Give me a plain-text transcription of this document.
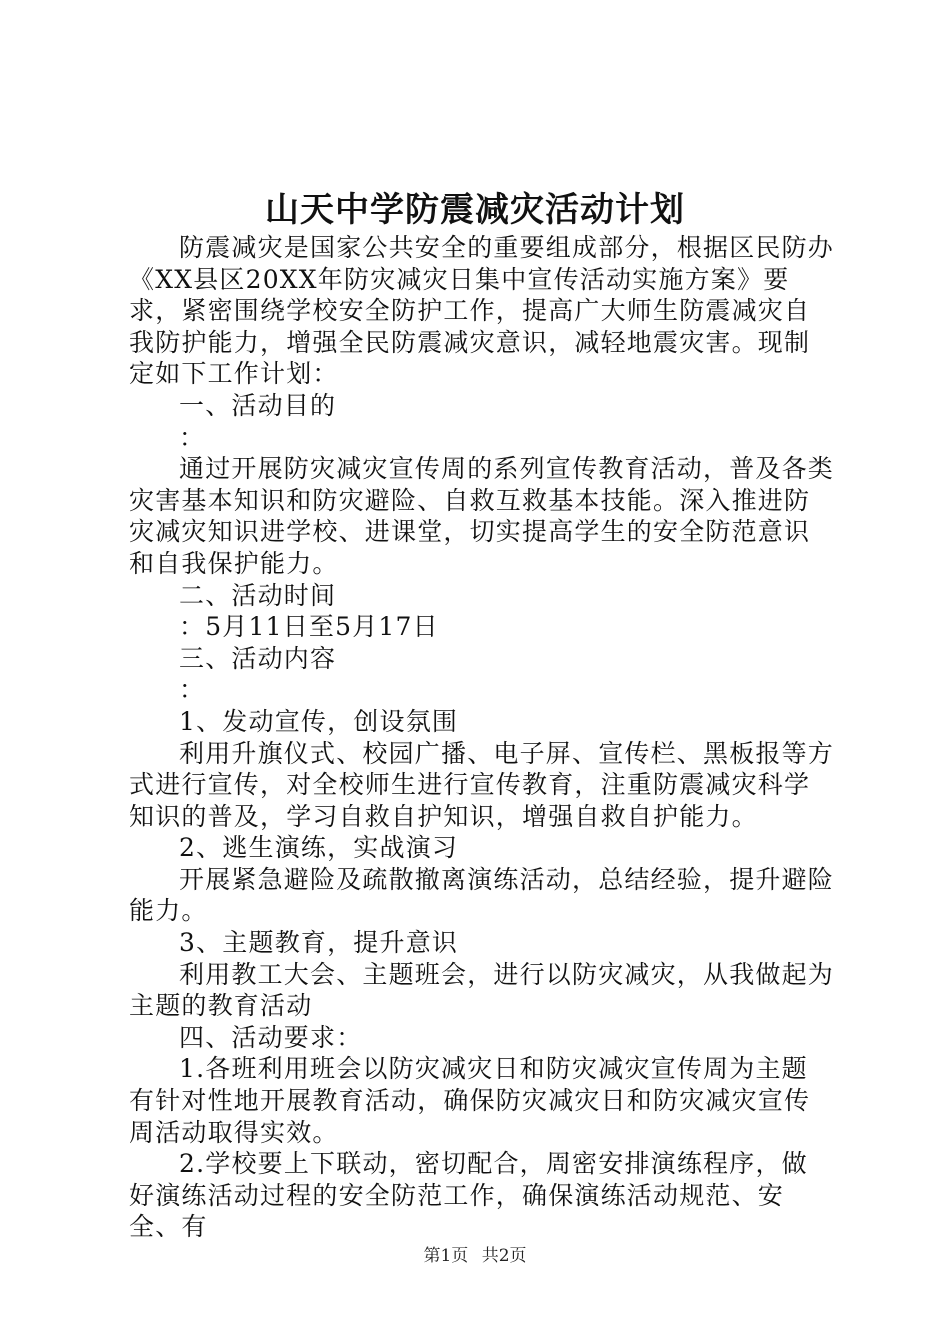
山天中学防震减灾活动计划

防震减灾是国家公共安全的重要组成部分，根据区民防办《XX县区20XX年防灾减灾日集中宣传活动实施方案》要求，紧密围绕学校安全防护工作，提高广大师生防震减灾自我防护能力，增强全民防震减灾意识，减轻地震灾害。现制定如下工作计划：

一、活动目的

：

通过开展防灾减灾宣传周的系列宣传教育活动，普及各类灾害基本知识和防灾避险、自救互救基本技能。深入推进防灾减灾知识进学校、进课堂，切实提高学生的安全防范意识和自我保护能力。

二、活动时间

：5月11日至5月17日

三、活动内容

：

1、发动宣传，创设氛围

利用升旗仪式、校园广播、电子屏、宣传栏、黑板报等方式进行宣传，对全校师生进行宣传教育，注重防震减灾科学知识的普及，学习自救自护知识，增强自救自护能力。

2、逃生演练，实战演习

开展紧急避险及疏散撤离演练活动，总结经验，提升避险能力。

3、主题教育，提升意识

利用教工大会、主题班会，进行以防灾减灾，从我做起为主题的教育活动

四、活动要求：

1.各班利用班会以防灾减灾日和防灾减灾宣传周为主题有针对性地开展教育活动，确保防灾减灾日和防灾减灾宣传周活动取得实效。

2.学校要上下联动，密切配合，周密安排演练程序，做好演练活动过程的安全防范工作，确保演练活动规范、安全、有

第1页 共2页
